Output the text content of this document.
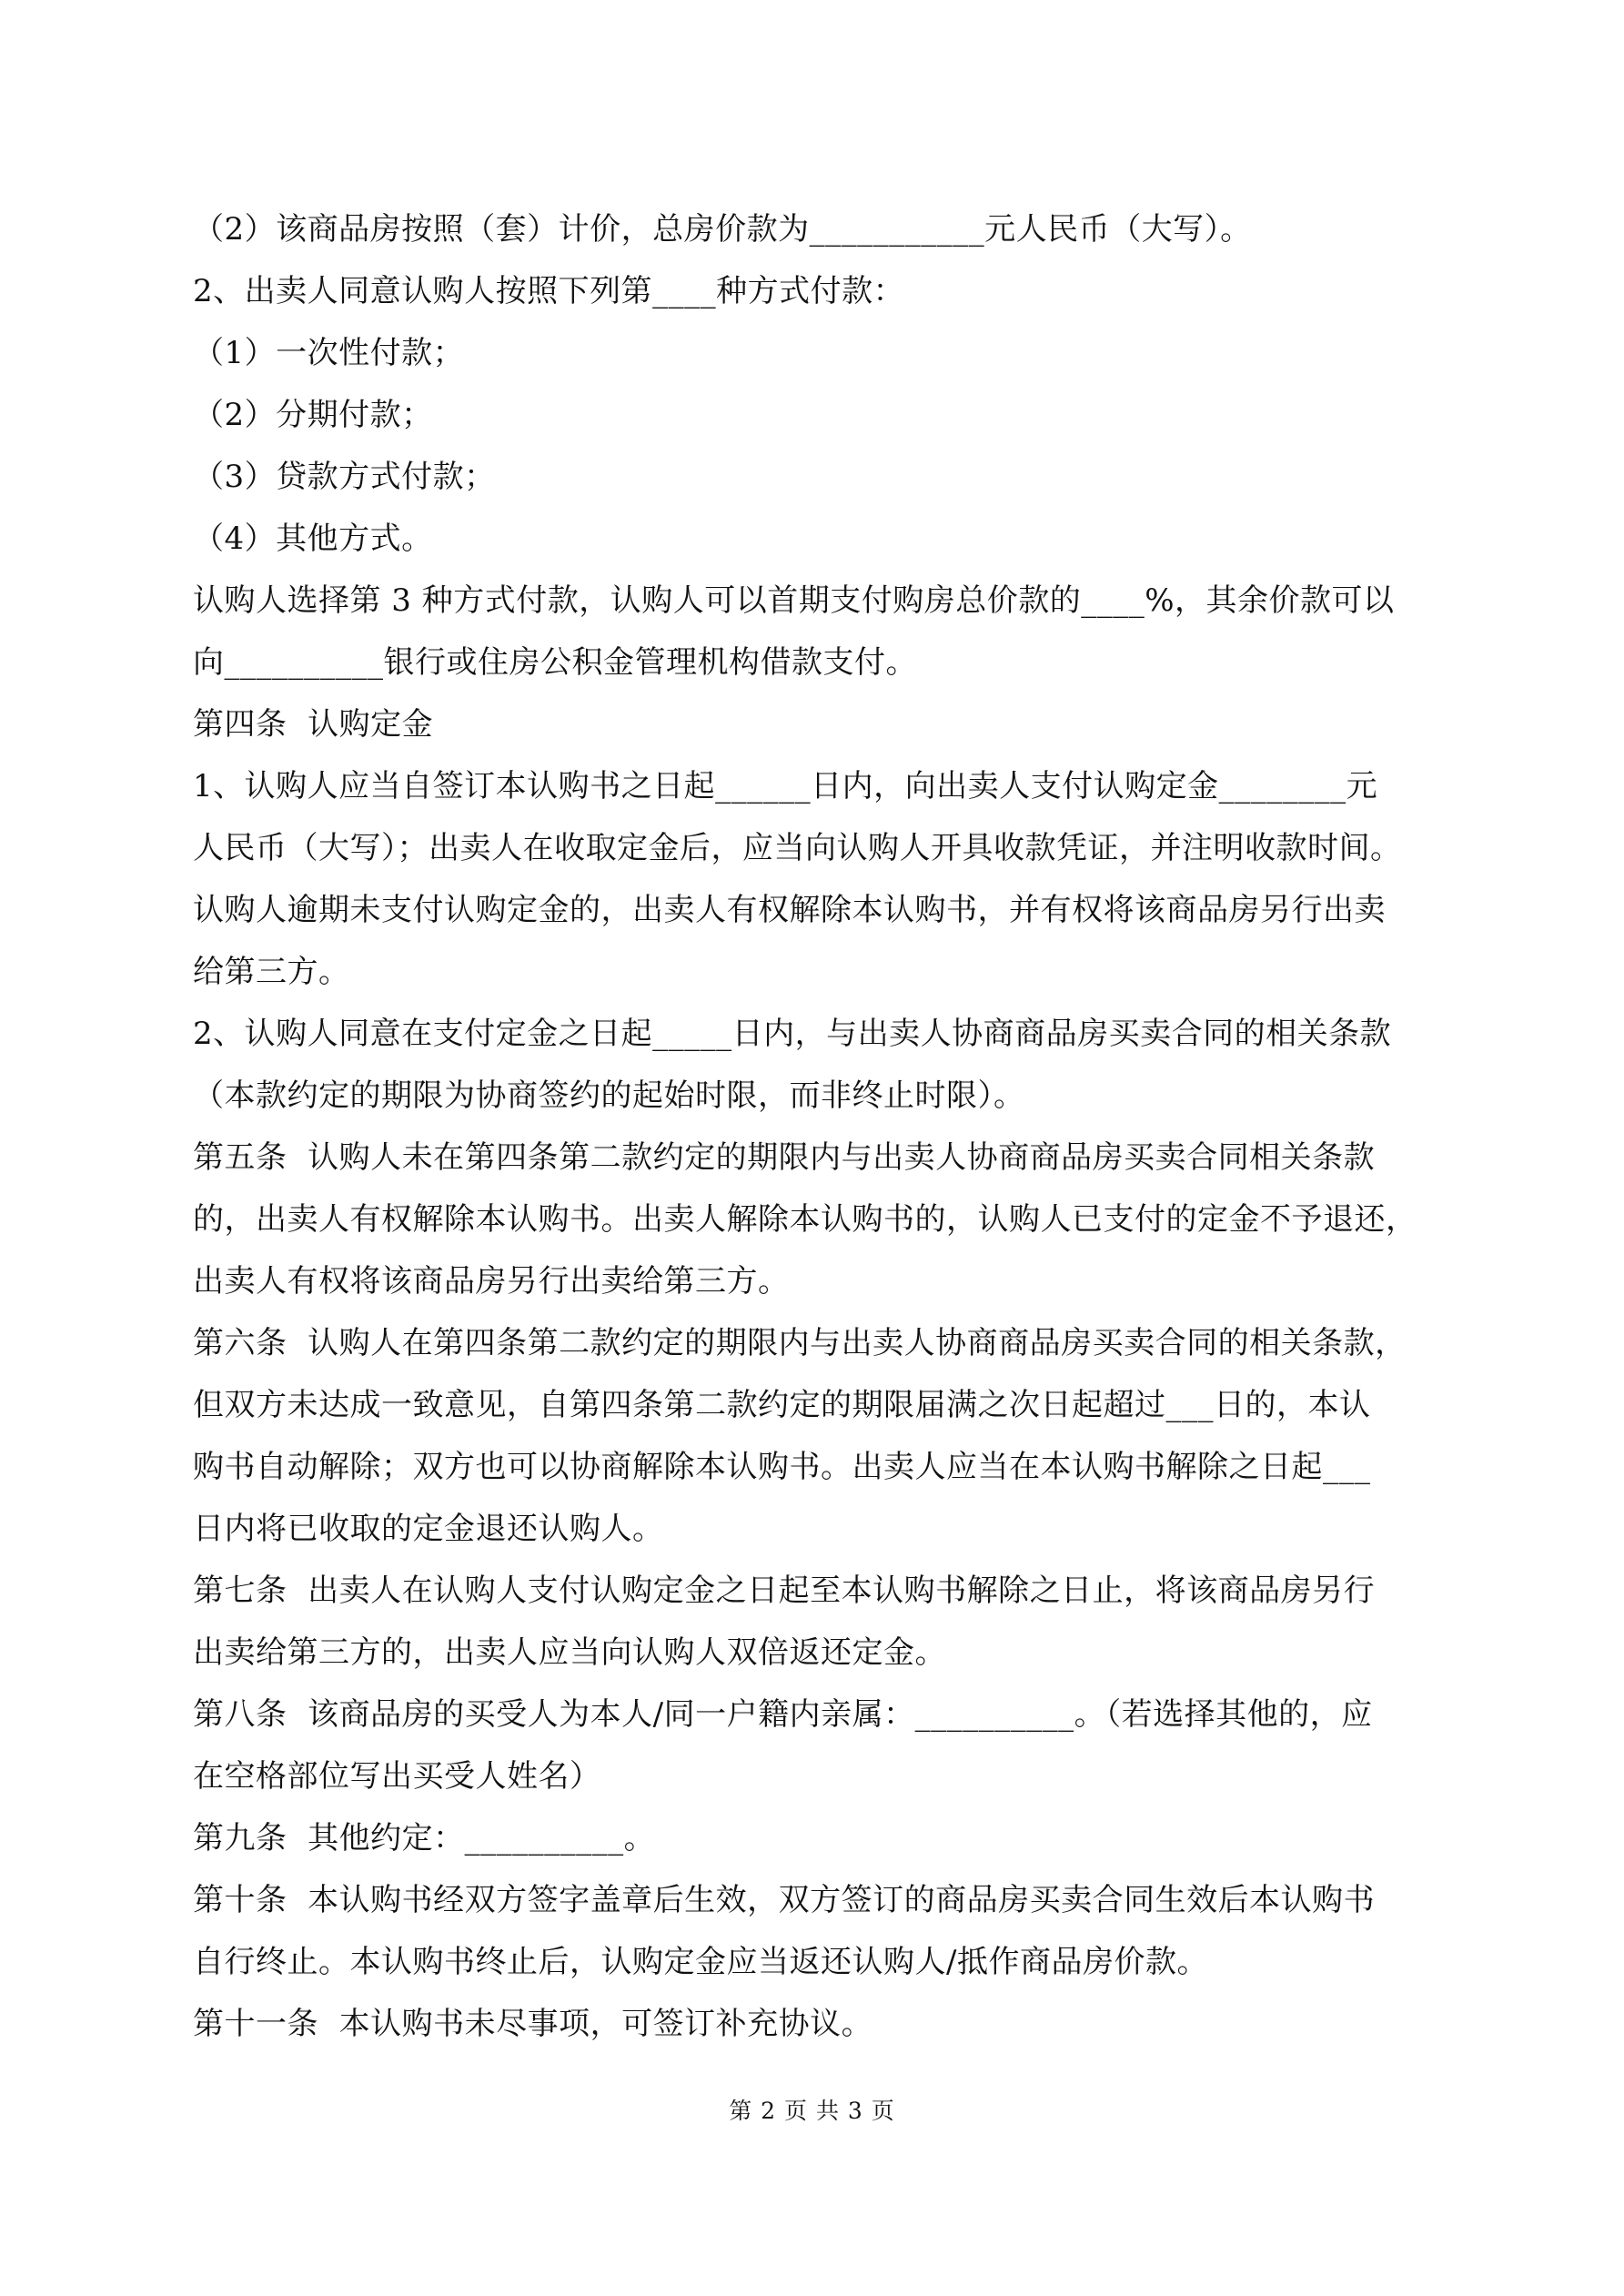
（2）该商品房按照（套）计价，总房价款为___________元人民币（大写）。
2、出卖人同意认购人按照下列第____种方式付款：
（1）一次性付款；
（2）分期付款；
（3）贷款方式付款；
（4）其他方式。
认购人选择第 3 种方式付款，认购人可以首期支付购房总价款的____%，其余价款可以
向__________银行或住房公积金管理机构借款支付。
第四条  认购定金
1、认购人应当自签订本认购书之日起______日内，向出卖人支付认购定金________元
人民币（大写）；出卖人在收取定金后，应当向认购人开具收款凭证，并注明收款时间。
认购人逾期未支付认购定金的，出卖人有权解除本认购书，并有权将该商品房另行出卖
给第三方。
2、认购人同意在支付定金之日起_____日内，与出卖人协商商品房买卖合同的相关条款
（本款约定的期限为协商签约的起始时限，而非终止时限）。
第五条  认购人未在第四条第二款约定的期限内与出卖人协商商品房买卖合同相关条款
的，出卖人有权解除本认购书。出卖人解除本认购书的，认购人已支付的定金不予退还，
出卖人有权将该商品房另行出卖给第三方。
第六条  认购人在第四条第二款约定的期限内与出卖人协商商品房买卖合同的相关条款，
但双方未达成一致意见，自第四条第二款约定的期限届满之次日起超过___日的，本认
购书自动解除；双方也可以协商解除本认购书。出卖人应当在本认购书解除之日起___
日内将已收取的定金退还认购人。
第七条  出卖人在认购人支付认购定金之日起至本认购书解除之日止，将该商品房另行
出卖给第三方的，出卖人应当向认购人双倍返还定金。
第八条  该商品房的买受人为本人/同一户籍内亲属：__________。（若选择其他的，应
在空格部位写出买受人姓名）
第九条  其他约定：__________。
第十条  本认购书经双方签字盖章后生效，双方签订的商品房买卖合同生效后本认购书
自行终止。本认购书终止后，认购定金应当返还认购人/抵作商品房价款。
第十一条  本认购书未尽事项，可签订补充协议。
第 2 页 共 3 页
